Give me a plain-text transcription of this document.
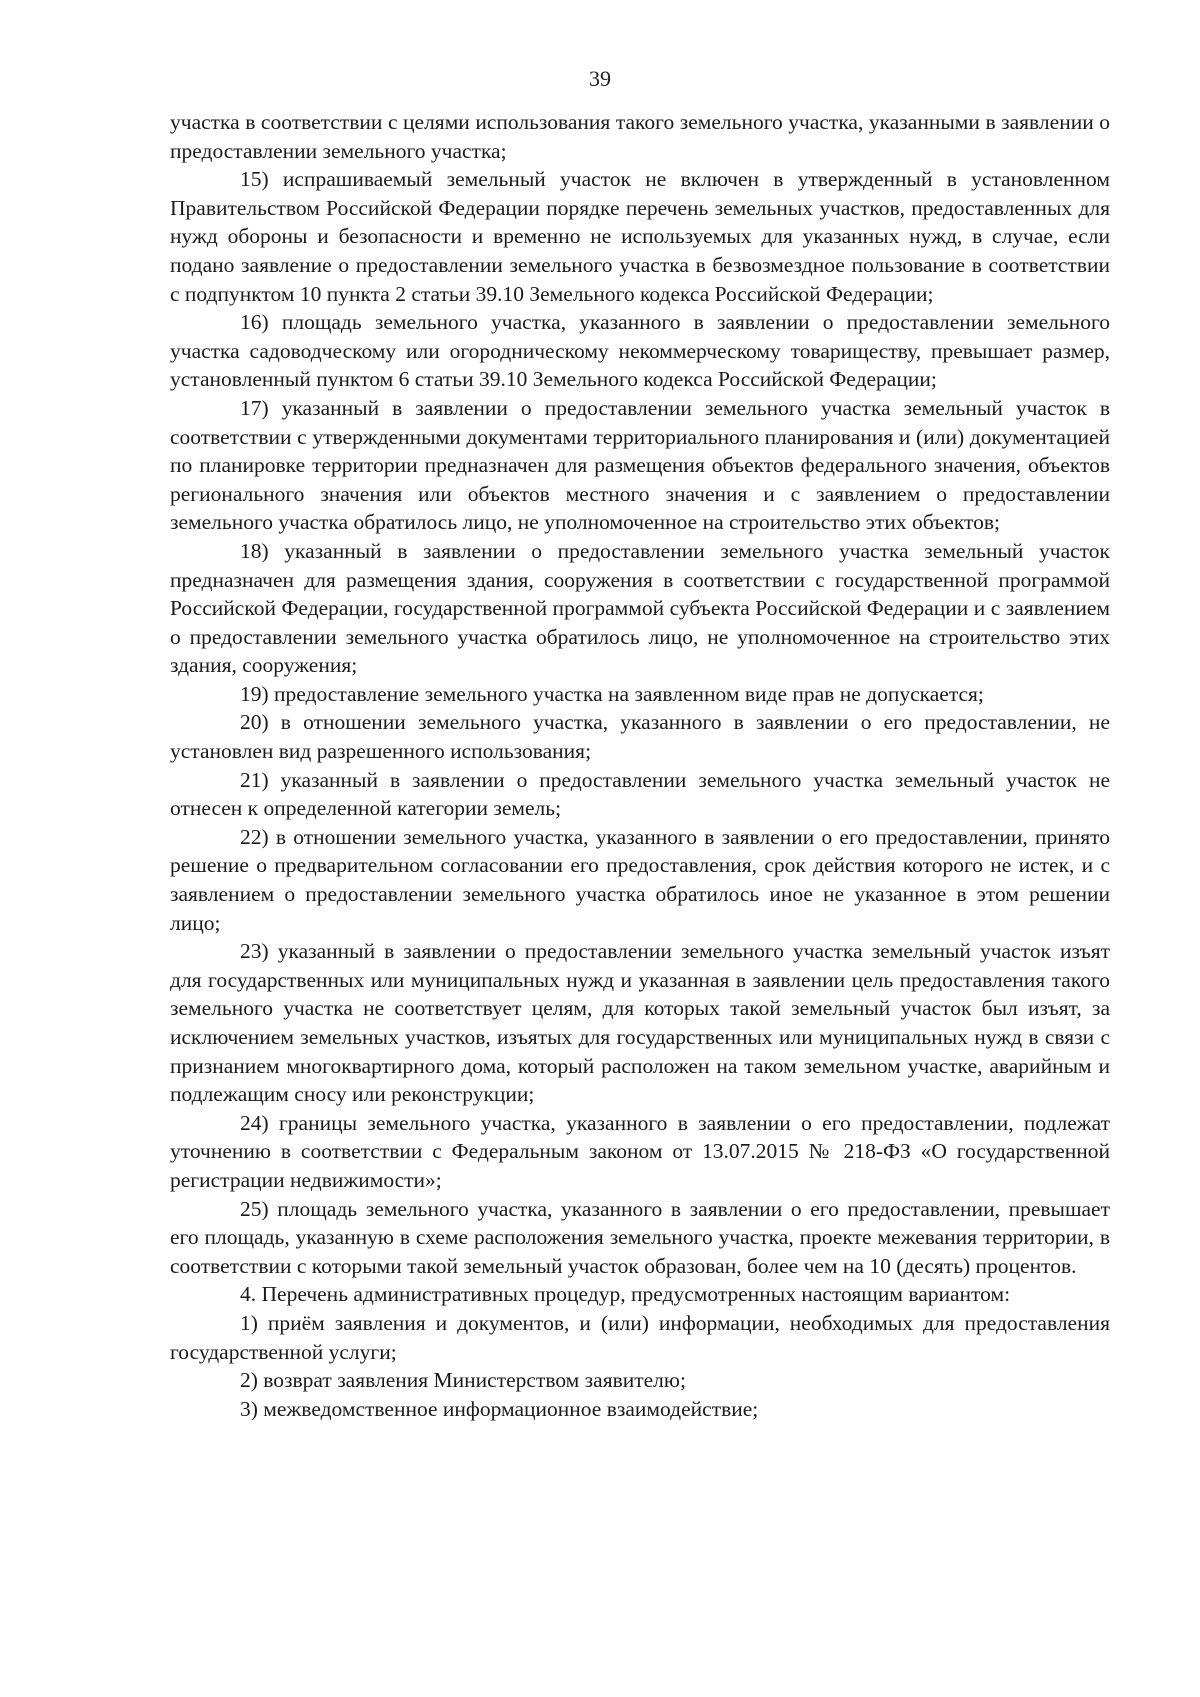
39

участка в соответствии с целями использования такого земельного участка, указанными в заявлении о предоставлении земельного участка;

15) испрашиваемый земельный участок не включен в утвержденный в установленном Правительством Российской Федерации порядке перечень земельных участков, предоставленных для нужд обороны и безопасности и временно не используемых для указанных нужд, в случае, если подано заявление о предоставлении земельного участка в безвозмездное пользование в соответствии с подпунктом 10 пункта 2 статьи 39.10 Земельного кодекса Российской Федерации;

16) площадь земельного участка, указанного в заявлении о предоставлении земельного участка садоводческому или огородническому некоммерческому товариществу, превышает размер, установленный пунктом 6 статьи 39.10 Земельного кодекса Российской Федерации;

17) указанный в заявлении о предоставлении земельного участка земельный участок в соответствии с утвержденными документами территориального планирования и (или) документацией по планировке территории предназначен для размещения объектов федерального значения, объектов регионального значения или объектов местного значения и с заявлением о предоставлении земельного участка обратилось лицо, не уполномоченное на строительство этих объектов;

18) указанный в заявлении о предоставлении земельного участка земельный участок предназначен для размещения здания, сооружения в соответствии с государственной программой Российской Федерации, государственной программой субъекта Российской Федерации и с заявлением о предоставлении земельного участка обратилось лицо, не уполномоченное на строительство этих здания, сооружения;

19) предоставление земельного участка на заявленном виде прав не допускается;

20) в отношении земельного участка, указанного в заявлении о его предоставлении, не установлен вид разрешенного использования;

21) указанный в заявлении о предоставлении земельного участка земельный участок не отнесен к определенной категории земель;

22) в отношении земельного участка, указанного в заявлении о его предоставлении, принято решение о предварительном согласовании его предоставления, срок действия которого не истек, и с заявлением о предоставлении земельного участка обратилось иное не указанное в этом решении лицо;

23) указанный в заявлении о предоставлении земельного участка земельный участок изъят для государственных или муниципальных нужд и указанная в заявлении цель предоставления такого земельного участка не соответствует целям, для которых такой земельный участок был изъят, за исключением земельных участков, изъятых для государственных или муниципальных нужд в связи с признанием многоквартирного дома, который расположен на таком земельном участке, аварийным и подлежащим сносу или реконструкции;

24) границы земельного участка, указанного в заявлении о его предоставлении, подлежат уточнению в соответствии с Федеральным законом от 13.07.2015 № 218-ФЗ «О государственной регистрации недвижимости»;

25) площадь земельного участка, указанного в заявлении о его предоставлении, превышает его площадь, указанную в схеме расположения земельного участка, проекте межевания территории, в соответствии с которыми такой земельный участок образован, более чем на 10 (десять) процентов.

4. Перечень административных процедур, предусмотренных настоящим вариантом:

1) приём заявления и документов, и (или) информации, необходимых для предоставления государственной услуги;

2) возврат заявления Министерством заявителю;

3) межведомственное информационное взаимодействие;
